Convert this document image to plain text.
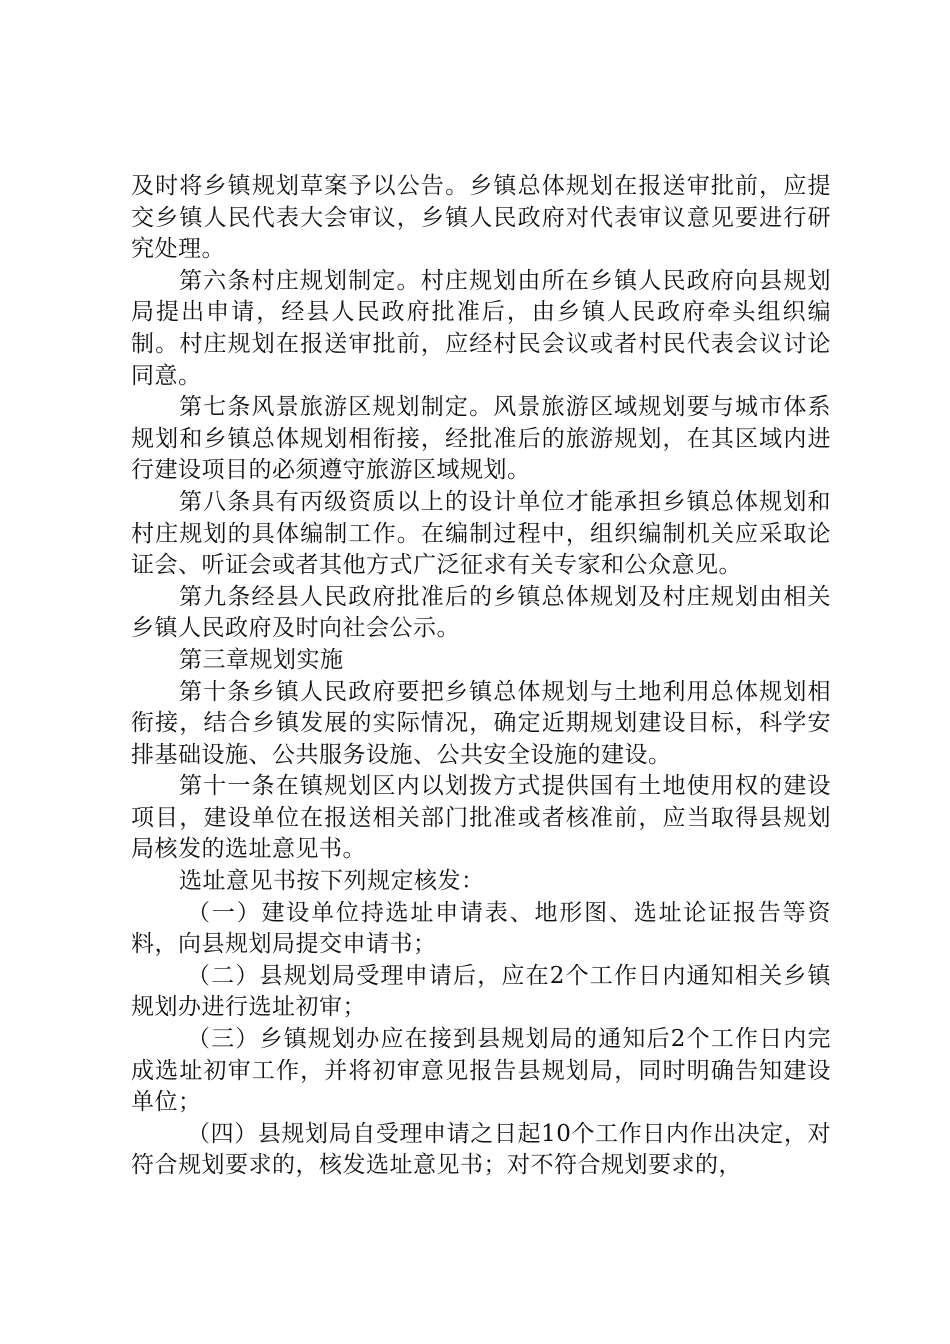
及时将乡镇规划草案予以公告。乡镇总体规划在报送审批前，应提交乡镇人民代表大会审议，乡镇人民政府对代表审议意见要进行研究处理。

第六条村庄规划制定。村庄规划由所在乡镇人民政府向县规划局提出申请，经县人民政府批准后，由乡镇人民政府牵头组织编制。村庄规划在报送审批前，应经村民会议或者村民代表会议讨论同意。

第七条风景旅游区规划制定。风景旅游区域规划要与城市体系规划和乡镇总体规划相衔接，经批准后的旅游规划，在其区域内进行建设项目的必须遵守旅游区域规划。

第八条具有丙级资质以上的设计单位才能承担乡镇总体规划和村庄规划的具体编制工作。在编制过程中，组织编制机关应采取论证会、听证会或者其他方式广泛征求有关专家和公众意见。

第九条经县人民政府批准后的乡镇总体规划及村庄规划由相关乡镇人民政府及时向社会公示。

第三章规划实施

第十条乡镇人民政府要把乡镇总体规划与土地利用总体规划相衔接，结合乡镇发展的实际情况，确定近期规划建设目标，科学安排基础设施、公共服务设施、公共安全设施的建设。

第十一条在镇规划区内以划拨方式提供国有土地使用权的建设项目，建设单位在报送相关部门批准或者核准前，应当取得县规划局核发的选址意见书。

选址意见书按下列规定核发：

（一）建设单位持选址申请表、地形图、选址论证报告等资料，向县规划局提交申请书；

（二）县规划局受理申请后，应在2个工作日内通知相关乡镇规划办进行选址初审；

（三）乡镇规划办应在接到县规划局的通知后2个工作日内完成选址初审工作，并将初审意见报告县规划局，同时明确告知建设单位；

（四）县规划局自受理申请之日起10个工作日内作出决定，对符合规划要求的，核发选址意见书；对不符合规划要求的，
